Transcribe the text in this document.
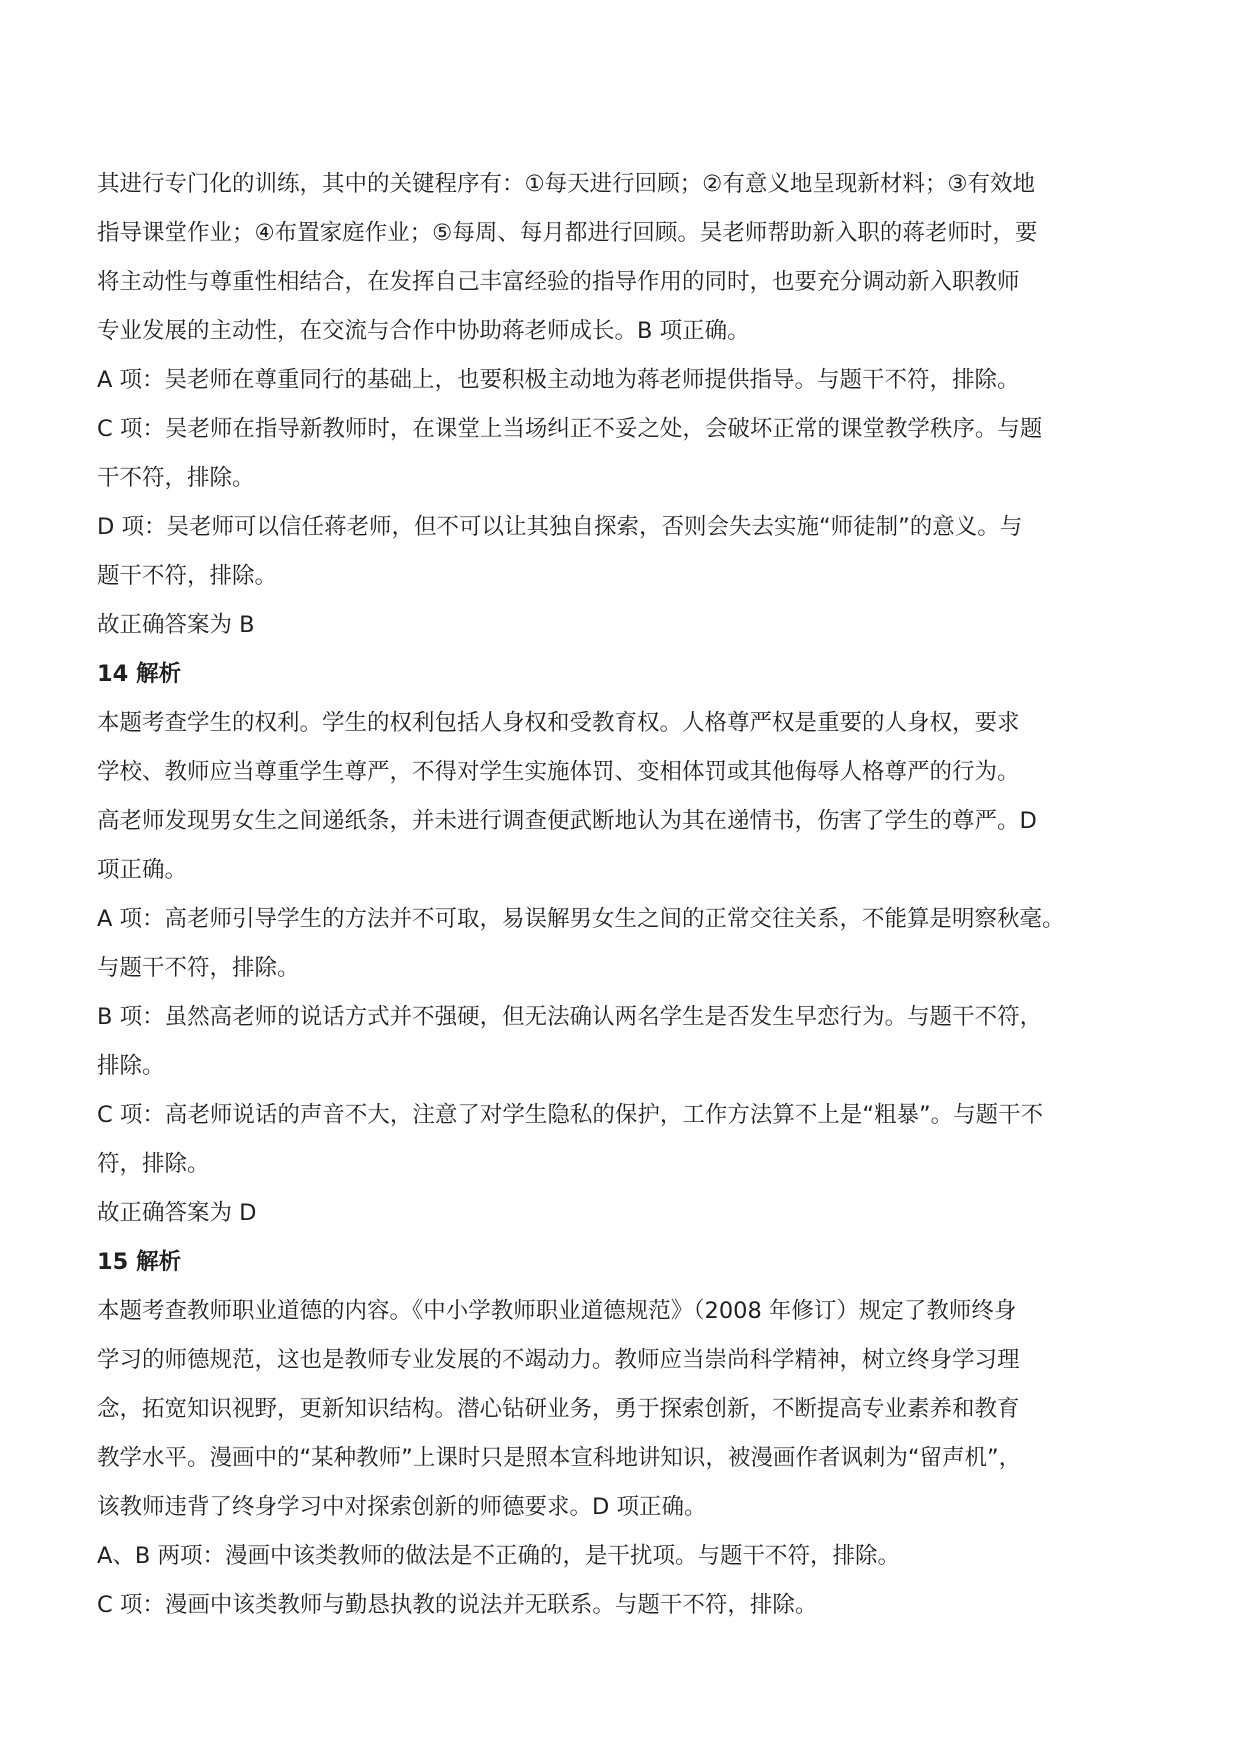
其进行专门化的训练，其中的关键程序有：①每天进行回顾；②有意义地呈现新材料；③有效地
指导课堂作业；④布置家庭作业；⑤每周、每月都进行回顾。吴老师帮助新入职的蒋老师时，要
将主动性与尊重性相结合，在发挥自己丰富经验的指导作用的同时，也要充分调动新入职教师
专业发展的主动性，在交流与合作中协助蒋老师成长。B 项正确。
A 项：吴老师在尊重同行的基础上，也要积极主动地为蒋老师提供指导。与题干不符，排除。
C 项：吴老师在指导新教师时，在课堂上当场纠正不妥之处，会破坏正常的课堂教学秩序。与题
干不符，排除。
D 项：吴老师可以信任蒋老师，但不可以让其独自探索，否则会失去实施“师徒制”的意义。与
题干不符，排除。
故正确答案为 B
14 解析
本题考查学生的权利。学生的权利包括人身权和受教育权。人格尊严权是重要的人身权，要求
学校、教师应当尊重学生尊严，不得对学生实施体罚、变相体罚或其他侮辱人格尊严的行为。
高老师发现男女生之间递纸条，并未进行调查便武断地认为其在递情书，伤害了学生的尊严。D
项正确。
A 项：高老师引导学生的方法并不可取，易误解男女生之间的正常交往关系，不能算是明察秋毫。
与题干不符，排除。
B 项：虽然高老师的说话方式并不强硬，但无法确认两名学生是否发生早恋行为。与题干不符，
排除。
C 项：高老师说话的声音不大，注意了对学生隐私的保护，工作方法算不上是“粗暴”。与题干不
符，排除。
故正确答案为 D
15 解析
本题考查教师职业道德的内容。《中小学教师职业道德规范》（2008 年修订）规定了教师终身
学习的师德规范，这也是教师专业发展的不竭动力。教师应当崇尚科学精神，树立终身学习理
念，拓宽知识视野，更新知识结构。潜心钻研业务，勇于探索创新，不断提高专业素养和教育
教学水平。漫画中的“某种教师”上课时只是照本宣科地讲知识，被漫画作者讽刺为“留声机”，
该教师违背了终身学习中对探索创新的师德要求。D 项正确。
A、B 两项：漫画中该类教师的做法是不正确的，是干扰项。与题干不符，排除。
C 项：漫画中该类教师与勤恳执教的说法并无联系。与题干不符，排除。
